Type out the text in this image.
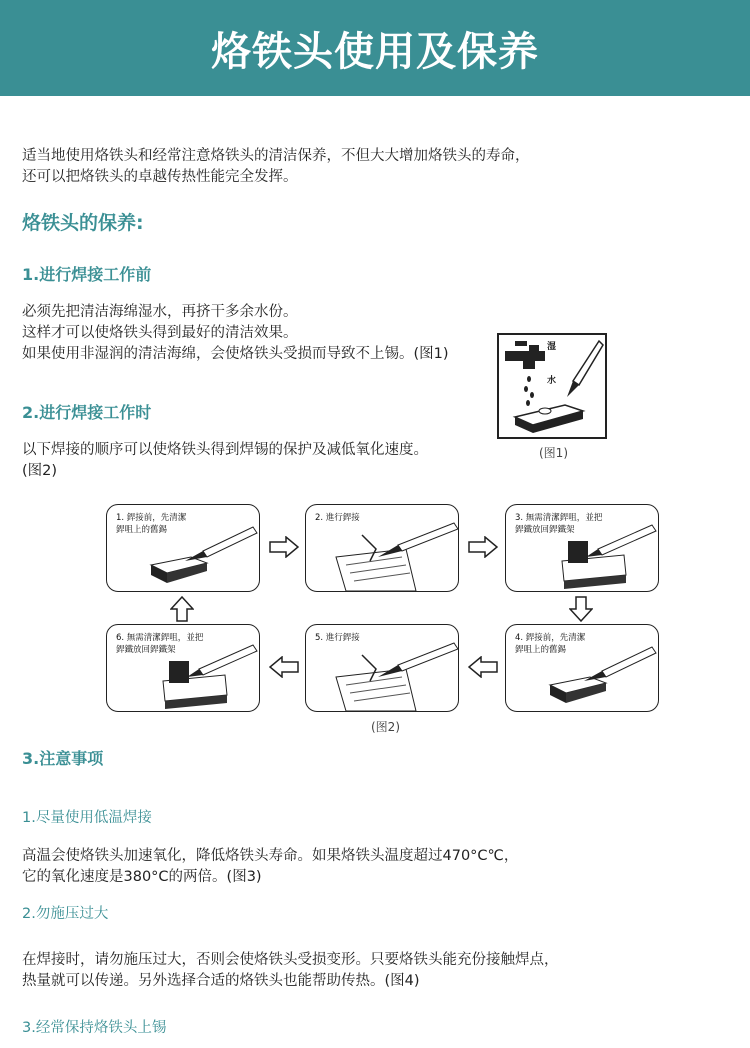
烙铁头使用及保养

适当地使用烙铁头和经常注意烙铁头的清洁保养，不但大大增加烙铁头的寿命，

还可以把烙铁头的卓越传热性能完全发挥。

烙铁头的保养:

1.进行焊接工作前

必须先把清洁海绵湿水，再挤干多余水份。

这样才可以使烙铁头得到最好的清洁效果。

如果使用非湿润的清洁海绵，会使烙铁头受损而导致不上锡。(图1)	湿
水
(图1)

2.进行焊接工作时

以下焊接的顺序可以使烙铁头得到焊锡的保护及减低氧化速度。

(图2)

1. 銲接前，先清潔
銲咀上的舊錫
2. 進行銲接	3. 無需清潔銲咀，並把
銲鐵放回銲鐵架
4. 銲接前，先清潔
銲咀上的舊錫
5. 進行銲接
6. 無需清潔銲咀，並把
銲鐵放回銲鐵架
(图2)

3.注意事项

1.尽量使用低温焊接

高温会使烙铁头加速氧化，降低烙铁头寿命。如果烙铁头温度超过470°C℃，

它的氧化速度是380°C的两倍。(图3)

2.勿施压过大

在焊接时，请勿施压过大，否则会使烙铁头受损变形。只要烙铁头能充份接触焊点，

热量就可以传递。另外选择合适的烙铁头也能帮助传热。(图4)

3.经常保持烙铁头上锡
